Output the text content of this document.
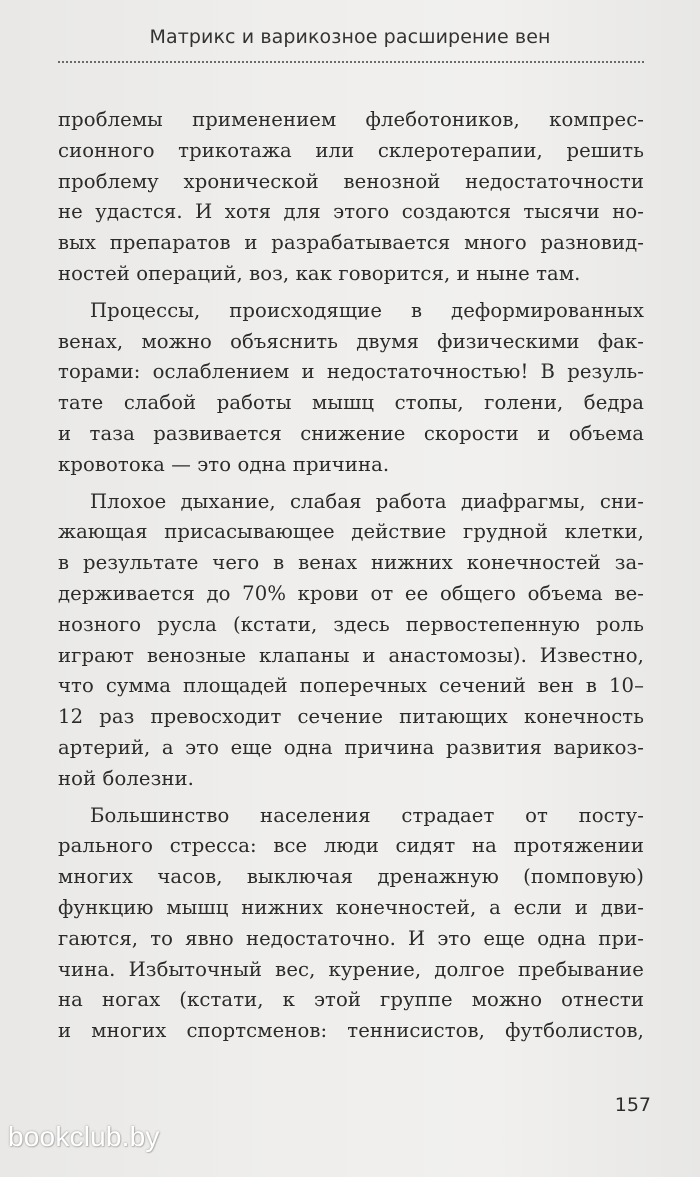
Матрикс и варикозное расширение вен
проблемы применением флеботоников, компрес-
сионного трикотажа или склеротерапии, решить
проблему хронической венозной недостаточности
не удастся. И хотя для этого создаются тысячи но-
вых препаратов и разрабатывается много разновид-
ностей операций, воз, как говорится, и ныне там.
Процессы, происходящие в деформированных
венах, можно объяснить двумя физическими фак-
торами: ослаблением и недостаточностью! В резуль-
тате слабой работы мышц стопы, голени, бедра
и таза развивается снижение скорости и объема
кровотока — это одна причина.
Плохое дыхание, слабая работа диафрагмы, сни-
жающая присасывающее действие грудной клетки,
в результате чего в венах нижних конечностей за-
держивается до 70% крови от ее общего объема ве-
нозного русла (кстати, здесь первостепенную роль
играют венозные клапаны и анастомозы). Известно,
что сумма площадей поперечных сечений вен в 10–
12 раз превосходит сечение питающих конечность
артерий, а это еще одна причина развития варикоз-
ной болезни.
Большинство населения страдает от посту-
рального стресса: все люди сидят на протяжении
многих часов, выключая дренажную (помповую)
функцию мышц нижних конечностей, а если и дви-
гаются, то явно недостаточно. И это еще одна при-
чина. Избыточный вес, курение, долгое пребывание
на ногах (кстати, к этой группе можно отнести
и многих спортсменов: теннисистов, футболистов,
157
bookclub.by
